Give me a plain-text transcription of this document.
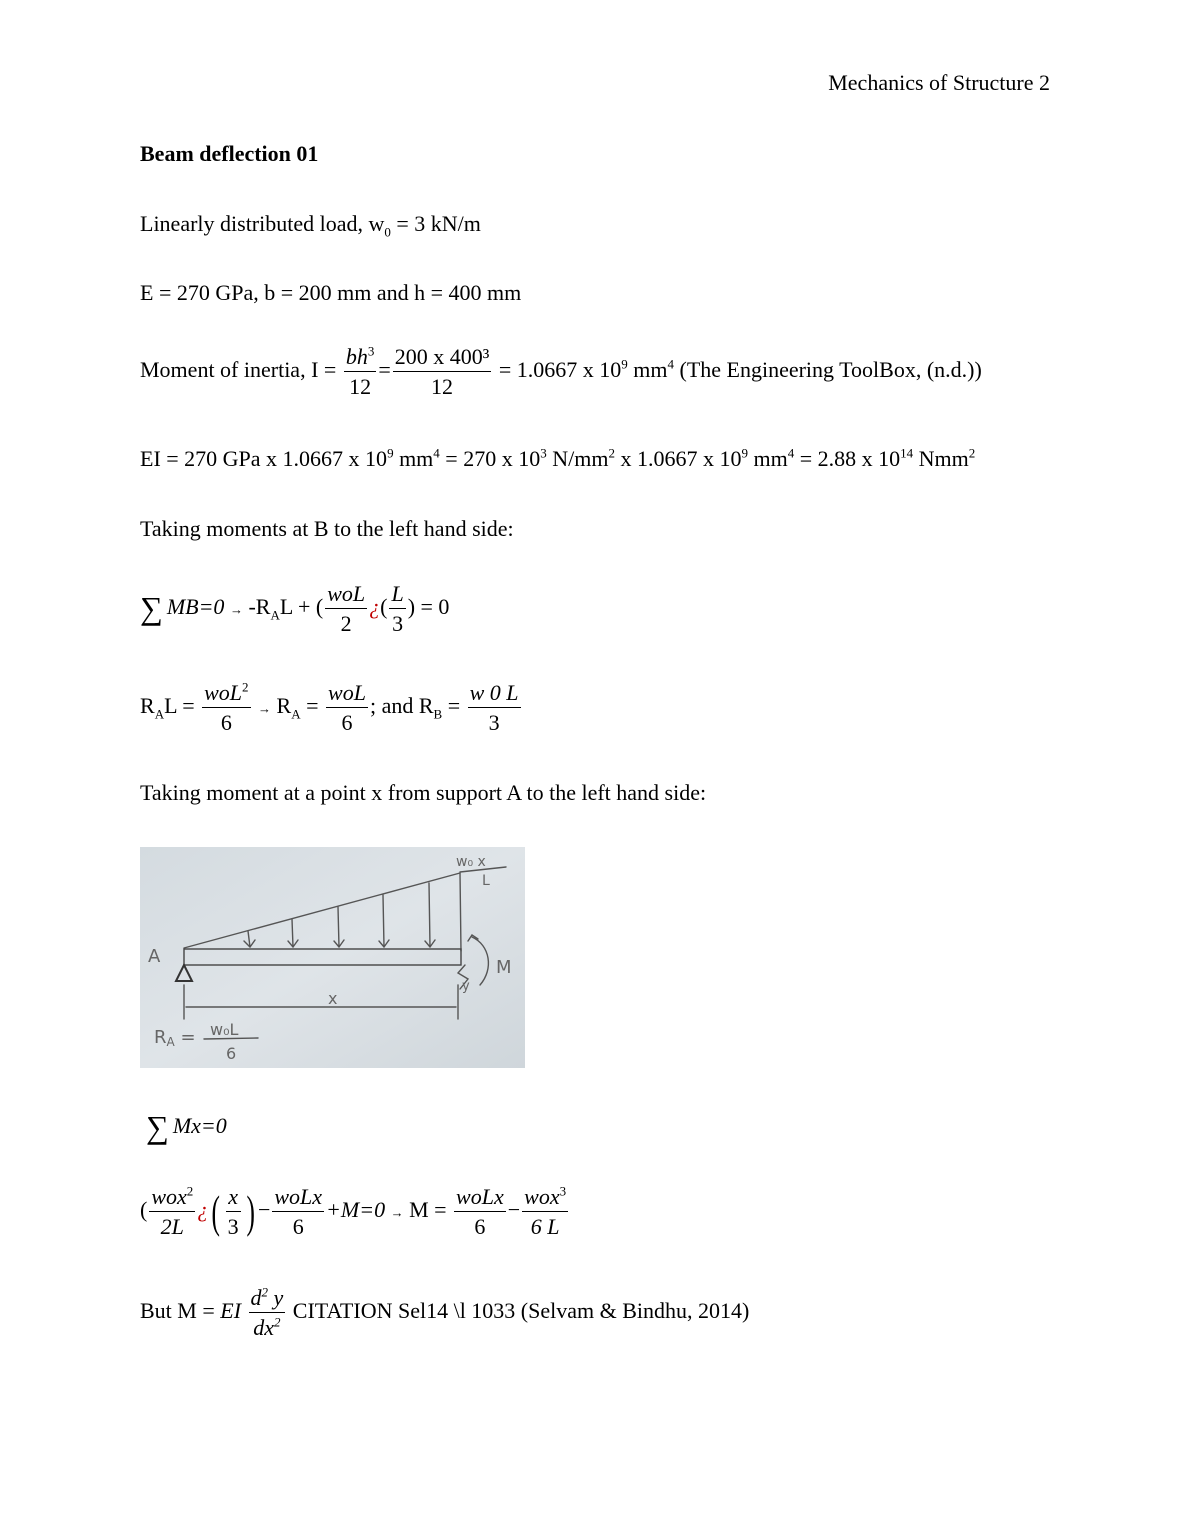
Mechanics of Structure 2
Beam deflection 01
Linearly distributed load, $w_0 = 3$ kN/m
E = 270 GPa, b = 200 mm and h = 400 mm
Moment of inertia, $I = \frac{bh^3}{12} = \frac{\text{200 x 400³}}{12} = 1.0667$ x $10^9$ $mm^4$ (The Engineering ToolBox, (n.d.))
EI = 270 GPa x 1.0667 x $10^9$ $mm^4 = 270$ x $10^3$ $N/mm^2$ x 1.0667 x $10^9$ $mm^4 = 2.88$ x $10^{14}$ Nmm$^2$
Taking moments at B to the left hand side:
∑ $MB=0 \to -R_AL$ + ( $\frac{\text{woL}}{2}$ ¿( $\frac{L}{3}$ ) = 0
$R_AL = \frac{woL^2}{6} \to R_A = \frac{\text{woL}}{6}$ ; and $R_B = \frac{w 0 L}{3}$
Taking moment at a point x from support A to the left hand side:
A
M
x
y
w₀ x
L
RA = w₀L
6
∑ Mx=0
( $\frac{wox^2}{2L}$ ¿( $\frac{x}{3}$ ) − $\frac{\text{woLx}}{6} +M=0 \to M = \frac{\text{woLx}}{6} - \frac{wox^3}{6 L}$
But M = EI $\frac{d^2 y}{dx^2}$ CITATION Sel14 \l 1033 (Selvam & Bindhu, 2014)
